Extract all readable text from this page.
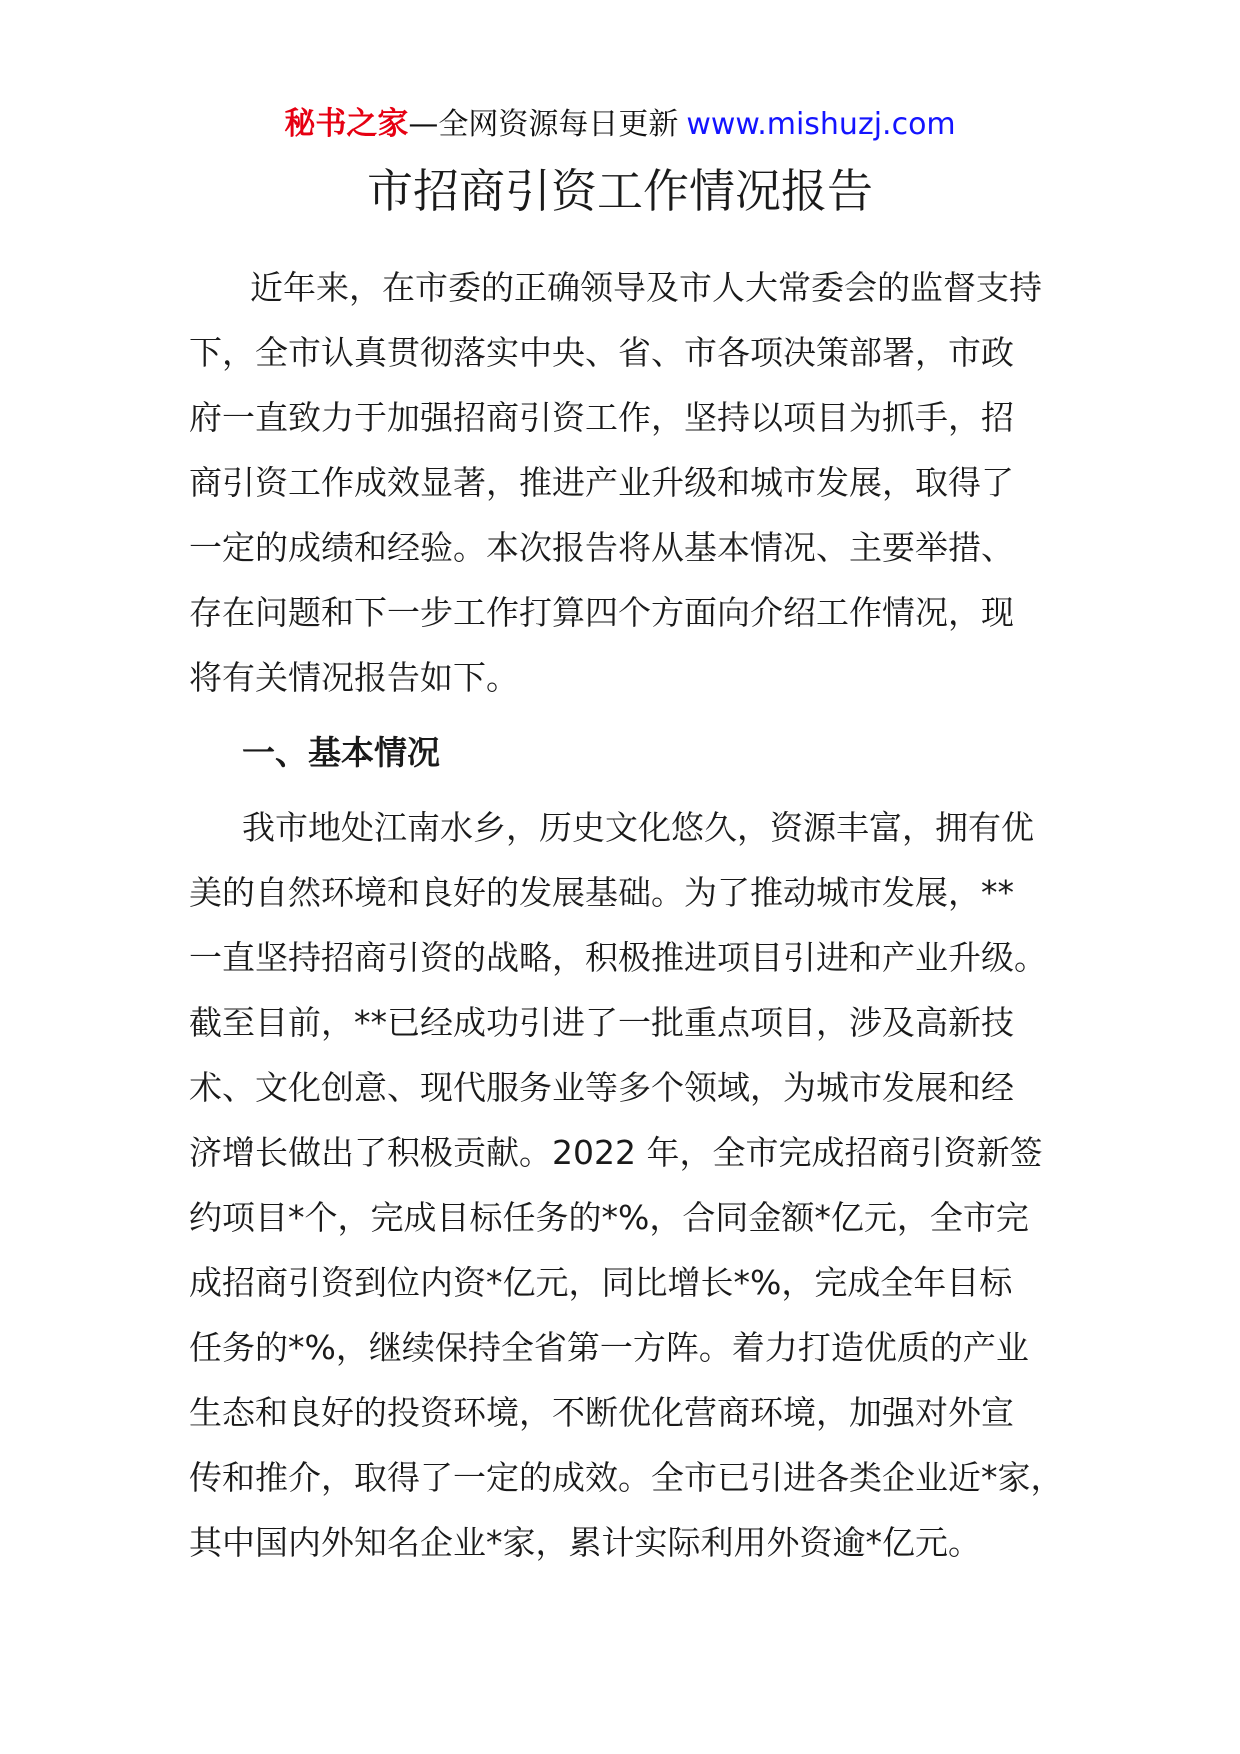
秘书之家—全网资源每日更新 www.mishuzj.com
市招商引资工作情况报告
近年来，在市委的正确领导及市人大常委会的监督支持
下，全市认真贯彻落实中央、省、市各项决策部署，市政
府一直致力于加强招商引资工作，坚持以项目为抓手，招
商引资工作成效显著，推进产业升级和城市发展，取得了
一定的成绩和经验。本次报告将从基本情况、主要举措、
存在问题和下一步工作打算四个方面向介绍工作情况，现
将有关情况报告如下。
一、基本情况
我市地处江南水乡，历史文化悠久，资源丰富，拥有优
美的自然环境和良好的发展基础。为了推动城市发展，**
一直坚持招商引资的战略，积极推进项目引进和产业升级。
截至目前，**已经成功引进了一批重点项目，涉及高新技
术、文化创意、现代服务业等多个领域，为城市发展和经
济增长做出了积极贡献。2022 年，全市完成招商引资新签
约项目*个，完成目标任务的*%，合同金额*亿元，全市完
成招商引资到位内资*亿元，同比增长*%，完成全年目标
任务的*%，继续保持全省第一方阵。着力打造优质的产业
生态和良好的投资环境，不断优化营商环境，加强对外宣
传和推介，取得了一定的成效。全市已引进各类企业近*家，
其中国内外知名企业*家，累计实际利用外资逾*亿元。
